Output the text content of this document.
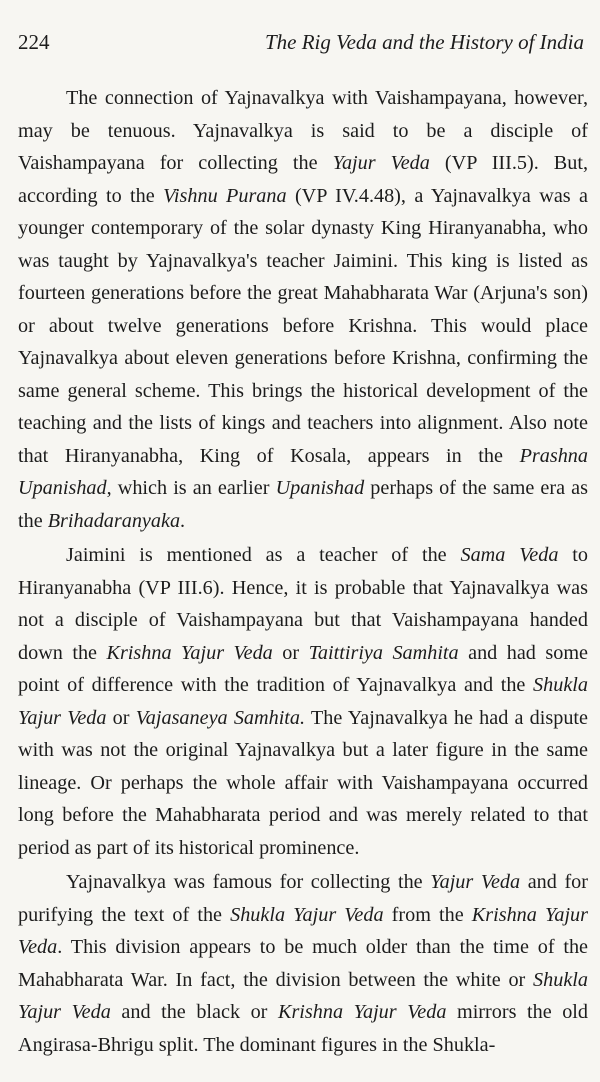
224	The Rig Veda and the History of India

The connection of Yajnavalkya with Vaishampayana, however, may be tenuous. Yajnavalkya is said to be a disciple of Vaishampayana for collecting the Yajur Veda (VP III.5). But, according to the Vishnu Purana (VP IV.4.48), a Yajnavalkya was a younger contemporary of the solar dynasty King Hiranyanabha, who was taught by Yajnavalkya's teacher Jaimini. This king is listed as fourteen generations before the great Mahabharata War (Arjuna's son) or about twelve generations before Krishna. This would place Yajnavalkya about eleven generations before Krishna, confirming the same general scheme. This brings the historical development of the teaching and the lists of kings and teachers into alignment. Also note that Hiranyanabha, King of Kosala, appears in the Prashna Upanishad, which is an earlier Upanishad perhaps of the same era as the Brihadaranyaka.

Jaimini is mentioned as a teacher of the Sama Veda to Hiranyanabha (VP III.6). Hence, it is probable that Yajnavalkya was not a disciple of Vaishampayana but that Vaishampayana handed down the Krishna Yajur Veda or Taittiriya Samhita and had some point of difference with the tradition of Yajnavalkya and the Shukla Yajur Veda or Vajasaneya Samhita. The Yajnavalkya he had a dispute with was not the original Yajnavalkya but a later figure in the same lineage. Or perhaps the whole affair with Vaishampayana occurred long before the Mahabharata period and was merely related to that period as part of its historical prominence.

Yajnavalkya was famous for collecting the Yajur Veda and for purifying the text of the Shukla Yajur Veda from the Krishna Yajur Veda. This division appears to be much older than the time of the Mahabharata War. In fact, the division between the white or Shukla Yajur Veda and the black or Krishna Yajur Veda mirrors the old Angirasa-Bhrigu split. The dominant figures in the Shukla-
